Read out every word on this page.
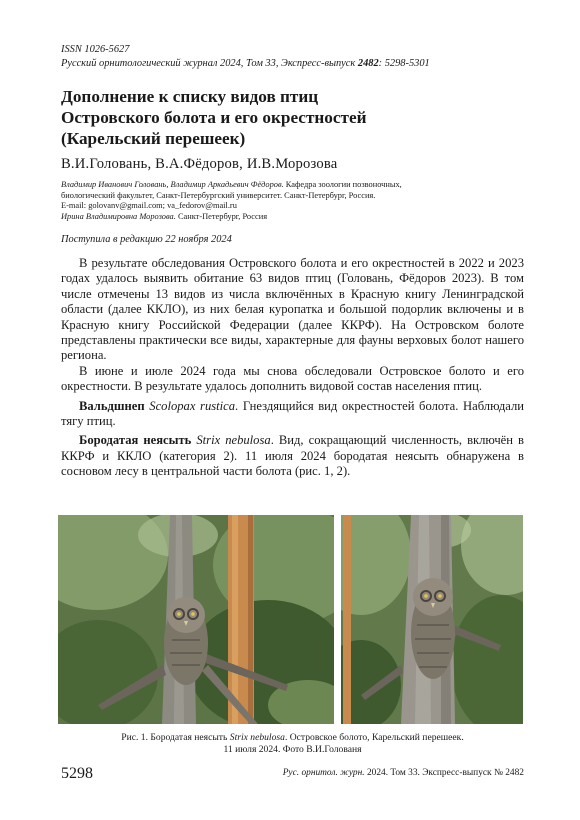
ISSN 1026-5627
Русский орнитологический журнал 2024, Том 33, Экспресс-выпуск 2482: 5298-5301
Дополнение к списку видов птиц
Островского болота и его окрестностей
(Карельский перешеек)
В.И.Головань, В.А.Фёдоров, И.В.Морозова
Владимир Иванович Головань, Владимир Аркадьевич Фёдоров. Кафедра зоологии позвоночных,
биологический факультет, Санкт-Петербургский университет. Санкт-Петербург, Россия.
E-mail: golovanv@gmail.com; va_fedorov@mail.ru
Ирина Владимировна Морозова. Санкт-Петербург, Россия
Поступила в редакцию 22 ноября 2024

В результате обследования Островского болота и его окрестностей в 2022 и 2023 годах удалось выявить обитание 63 видов птиц (Головань, Фёдоров 2023). В том числе отмечены 13 видов из числа включённых в Красную книгу Ленинградской области (далее ККЛО), из них белая куропатка и большой подорлик включены и в Красную книгу Российской Федерации (далее ККРФ). На Островском болоте представлены практически все виды, характерные для фауны верховых болот нашего региона.

В июне и июле 2024 года мы снова обследовали Островское болото и его окрестности. В результате удалось дополнить видовой состав населения птиц.

Вальдшнеп Scolopax rustica. Гнездящийся вид окрестностей болота. Наблюдали тягу птиц.

Бородатая неясыть Strix nebulosa. Вид, сокращающий численность, включён в ККРФ и ККЛО (категория 2). 11 июля 2024 бородатая неясыть обнаружена в сосновом лесу в центральной части болота (рис. 1, 2).

Рис. 1. Бородатая неясыть Strix nebulosa. Островское болото, Карельский перешеек.
11 июля 2024. Фото В.И.Голованя
5298	Рус. орнитол. журн. 2024. Том 33. Экспресс-выпуск № 2482
